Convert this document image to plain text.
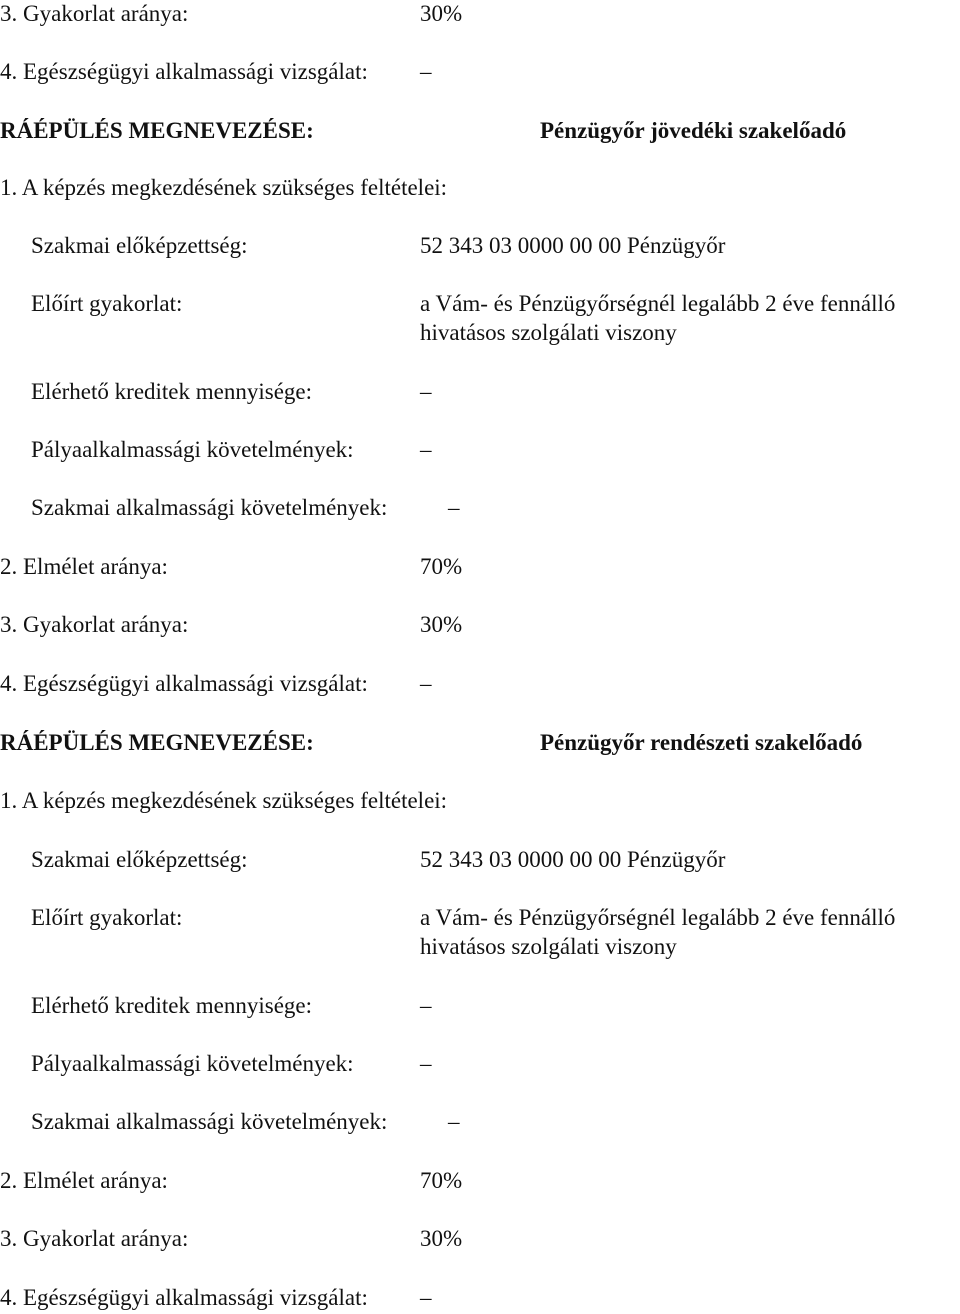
3. Gyakorlat aránya:	30%

4. Egészségügyi alkalmassági vizsgálat: –

RÁÉPÜLÉS MEGNEVEZÉSE:	Pénzügyőr jövedéki szakelőadó

1. A képzés megkezdésének szükséges feltételei:

Szakmai előképzettség:	52 343 03 0000 00 00 Pénzügyőr

Előírt gyakorlat:	a Vám- és Pénzügyőrségnél legalább 2 éve fennálló

hivatásos szolgálati viszony

Elérhető kreditek mennyisége:	–

Pályaalkalmassági követelmények:	–

Szakmai alkalmassági követelmények:	–

2. Elmélet aránya:	70%

3. Gyakorlat aránya:	30%

4. Egészségügyi alkalmassági vizsgálat: –

RÁÉPÜLÉS MEGNEVEZÉSE:	Pénzügyőr rendészeti szakelőadó

1. A képzés megkezdésének szükséges feltételei:

Szakmai előképzettség:	52 343 03 0000 00 00 Pénzügyőr

Előírt gyakorlat:	a Vám- és Pénzügyőrségnél legalább 2 éve fennálló

hivatásos szolgálati viszony

Elérhető kreditek mennyisége:	–

Pályaalkalmassági követelmények:	–

Szakmai alkalmassági követelmények:	–

2. Elmélet aránya:	70%

3. Gyakorlat aránya:	30%

4. Egészségügyi alkalmassági vizsgálat: –
